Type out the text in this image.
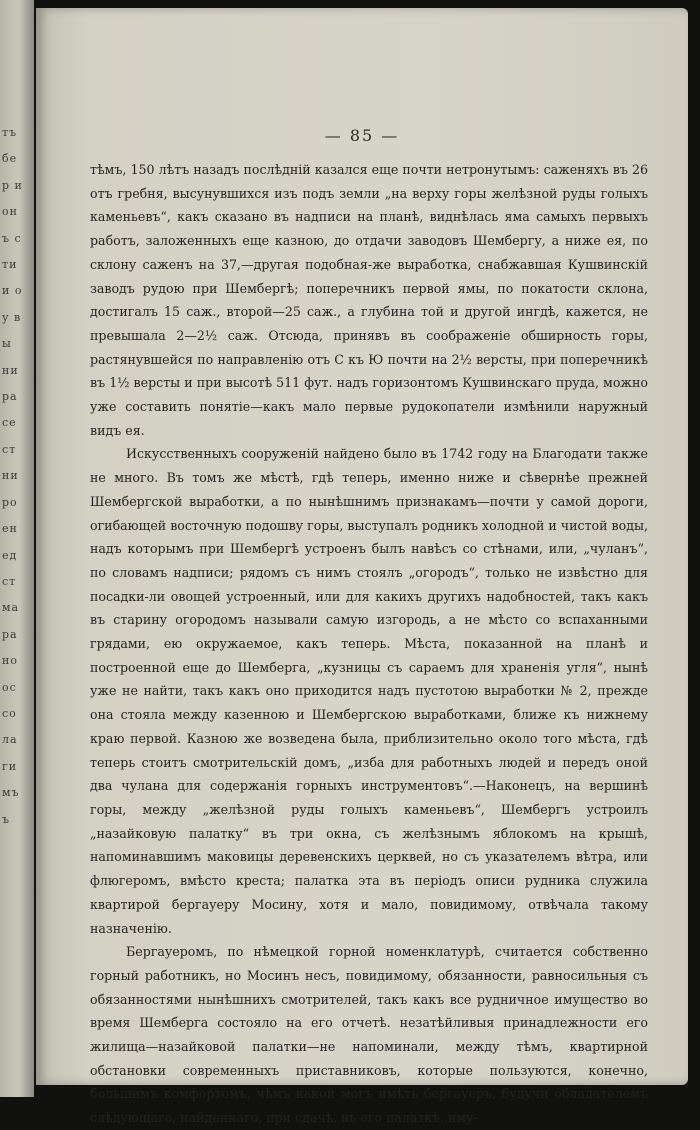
тъ бер и онъ сти и оу вы ни ра се ст ни ро ен ед ст ма ра но ос со ла ги мъ ъ
— 85 —

тѣмъ, 150 лѣтъ назадъ послѣдній казался еще почти нетронутымъ: саженяхъ въ 26 отъ гребня, высунувшихся изъ подъ земли „на верху горы желѣзной руды голыхъ каменьевъ“, какъ сказано въ надписи на планѣ, виднѣлась яма самыхъ первыхъ работъ, заложенныхъ еще казною, до отдачи заводовъ Шембергу, а ниже ея, по склону саженъ на 37,—другая подобная-же выработка, снабжавшая Кушвинскій заводъ рудою при Шембергѣ; поперечникъ первой ямы, по покатости склона, достигалъ 15 саж., второй—25 саж., а глубина той и другой ингдѣ, кажется, не превышала 2—2½ саж. Отсюда, принявъ въ соображеніе обширность горы, растянувшейся по направленію отъ С къ Ю почти на 2½ версты, при поперечникѣ въ 1½ версты и при высотѣ 511 фут. надъ горизонтомъ Кушвинскаго пруда, можно уже составить понятіе—какъ мало первые рудокопатели измѣнили наружный видъ ея.

Искусственныхъ сооруженій найдено было въ 1742 году на Благодати также не много. Въ томъ же мѣстѣ, гдѣ теперь, именно ниже и сѣвернѣе прежней Шембергской выработки, а по нынѣшнимъ признакамъ—почти у самой дороги, огибающей восточную подошву горы, выступалъ родникъ холодной и чистой воды, надъ которымъ при Шембергѣ устроенъ былъ навѣсъ со стѣнами, или, „чуланъ“, по словамъ надписи; рядомъ съ нимъ стоялъ „огородъ“, только не извѣстно для посадки-ли овощей устроенный, или для какихъ другихъ надобностей, такъ какъ въ старину огородомъ называли самую изгородь, а не мѣсто со вспаханными грядами, ею окружаемое, какъ теперь. Мѣста, показанной на планѣ и построенной еще до Шемберга, „кузницы съ сараемъ для храненія угля“, нынѣ уже не найти, такъ какъ оно приходится надъ пустотою выработки № 2, прежде она стояла между казенною и Шембергскою выработками, ближе къ нижнему краю первой. Казною же возведена была, приблизительно около того мѣста, гдѣ теперь стоитъ смотрительскій домъ, „изба для работныхъ людей и передъ оной два чулана для содержанія горныхъ инструментовъ“.—Наконецъ, на вершинѣ горы, между „желѣзной руды голыхъ каменьевъ“, Шембергъ устроилъ „назайковую палатку“ въ три окна, съ желѣзнымъ яблокомъ на крышѣ, напоминавшимъ маковицы деревенскихъ церквей, но съ указателемъ вѣтра, или флюгеромъ, вмѣсто креста; палатка эта въ періодъ описи рудника служила квартирой бергауеру Мосину, хотя и мало, повидимому, отвѣчала такому назначенію.

Бергауеромъ, по нѣмецкой горной номенклатурѣ, считается собственно горный работникъ, но Мосинъ несъ, повидимому, обязанности, равносильныя съ обязанностями нынѣшнихъ смотрителей, такъ какъ все рудничное имущество во время Шемберга состояло на его отчетѣ. незатѣйливыя принадлежности его жилища—назайковой палатки—не напоминали, между тѣмъ, квартирной обстановки современныхъ приставниковъ, которые пользуются, конечно, большимъ комфортомъ, чѣмъ какой могъ имѣть бергауеръ, будучи обладателемъ слѣдующаго, найденнаго, при сдачѣ, въ его палаткѣ, иму-
